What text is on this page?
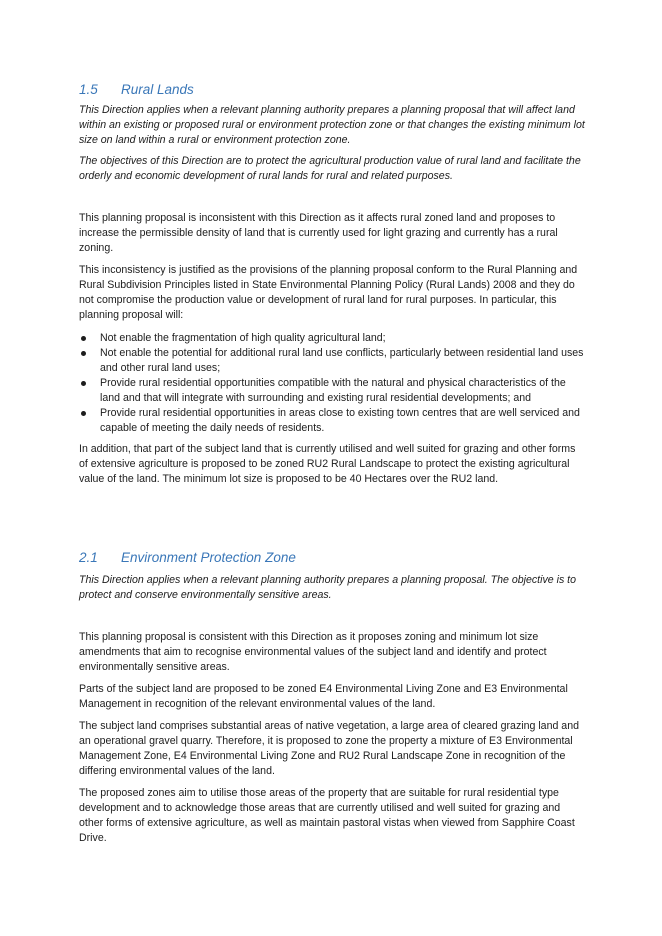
1.5 Rural Lands

This Direction applies when a relevant planning authority prepares a planning proposal that will affect land within an existing or proposed rural or environment protection zone or that changes the existing minimum lot size on land within a rural or environment protection zone.

The objectives of this Direction are to protect the agricultural production value of rural land and facilitate the orderly and economic development of rural lands for rural and related purposes.

This planning proposal is inconsistent with this Direction as it affects rural zoned land and proposes to increase the permissible density of land that is currently used for light grazing and currently has a rural zoning.

This inconsistency is justified as the provisions of the planning proposal conform to the Rural Planning and Rural Subdivision Principles listed in State Environmental Planning Policy (Rural Lands) 2008 and they do not compromise the production value or development of rural land for rural purposes. In particular, this planning proposal will:

Not enable the fragmentation of high quality agricultural land;
Not enable the potential for additional rural land use conflicts, particularly between residential land uses and other rural land uses;
Provide rural residential opportunities compatible with the natural and physical characteristics of the land and that will integrate with surrounding and existing rural residential developments; and
Provide rural residential opportunities in areas close to existing town centres that are well serviced and capable of meeting the daily needs of residents.

In addition, that part of the subject land that is currently utilised and well suited for grazing and other forms of extensive agriculture is proposed to be zoned RU2 Rural Landscape to protect the existing agricultural value of the land. The minimum lot size is proposed to be 40 Hectares over the RU2 land.

2.1 Environment Protection Zone

This Direction applies when a relevant planning authority prepares a planning proposal. The objective is to protect and conserve environmentally sensitive areas.

This planning proposal is consistent with this Direction as it proposes zoning and minimum lot size amendments that aim to recognise environmental values of the subject land and identify and protect environmentally sensitive areas.

Parts of the subject land are proposed to be zoned E4 Environmental Living Zone and E3 Environmental Management in recognition of the relevant environmental values of the land.

The subject land comprises substantial areas of native vegetation, a large area of cleared grazing land and an operational gravel quarry. Therefore, it is proposed to zone the property a mixture of E3 Environmental Management Zone, E4 Environmental Living Zone and RU2 Rural Landscape Zone in recognition of the differing environmental values of the land.

The proposed zones aim to utilise those areas of the property that are suitable for rural residential type development and to acknowledge those areas that are currently utilised and well suited for grazing and other forms of extensive agriculture, as well as maintain pastoral vistas when viewed from Sapphire Coast Drive.
